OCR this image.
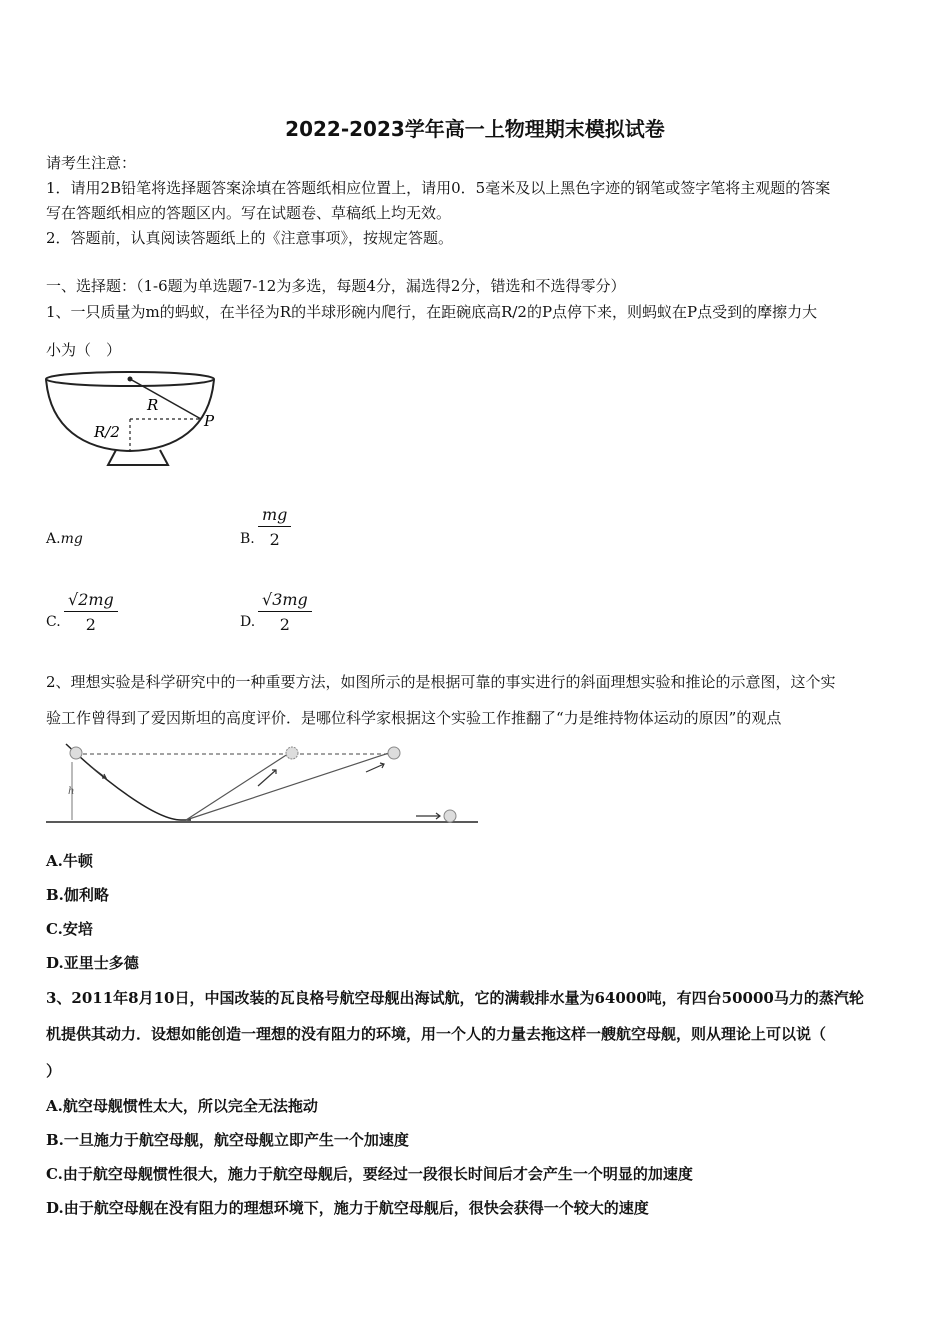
2022-2023学年高一上物理期末模拟试卷
请考生注意：
1．请用2B铅笔将选择题答案涂填在答题纸相应位置上，请用0．5毫米及以上黑色字迹的钢笔或签字笔将主观题的答案
写在答题纸相应的答题区内。写在试题卷、草稿纸上均无效。
2．答题前，认真阅读答题纸上的《注意事项》，按规定答题。
一、选择题：（1-6题为单选题7-12为多选，每题4分，漏选得2分，错选和不选得零分）
1、一只质量为m的蚂蚁，在半径为R的半球形碗内爬行，在距碗底高R/2的P点停下来，则蚂蚁在P点受到的摩擦力大
小为（　）
R
P
R/2
A.mg	B. $\frac{mg}{2}$
C. $\frac{√2mg}{2}$	D. $\frac{√3mg}{2}$
2、理想实验是科学研究中的一种重要方法，如图所示的是根据可靠的事实进行的斜面理想实验和推论的示意图，这个实
验工作曾得到了爱因斯坦的高度评价．是哪位科学家根据这个实验工作推翻了“力是维持物体运动的原因”的观点
h
A.牛顿
B.伽利略
C.安培
D.亚里士多德
3、2011年8月10日，中国改装的瓦良格号航空母舰出海试航，它的满载排水量为64000吨，有四台50000马力的蒸汽轮
机提供其动力．设想如能创造一理想的没有阻力的环境，用一个人的力量去拖这样一艘航空母舰，则从理论上可以说（
）
A.航空母舰惯性太大，所以完全无法拖动
B.一旦施力于航空母舰，航空母舰立即产生一个加速度
C.由于航空母舰惯性很大，施力于航空母舰后，要经过一段很长时间后才会产生一个明显的加速度
D.由于航空母舰在没有阻力的理想环境下，施力于航空母舰后，很快会获得一个较大的速度
